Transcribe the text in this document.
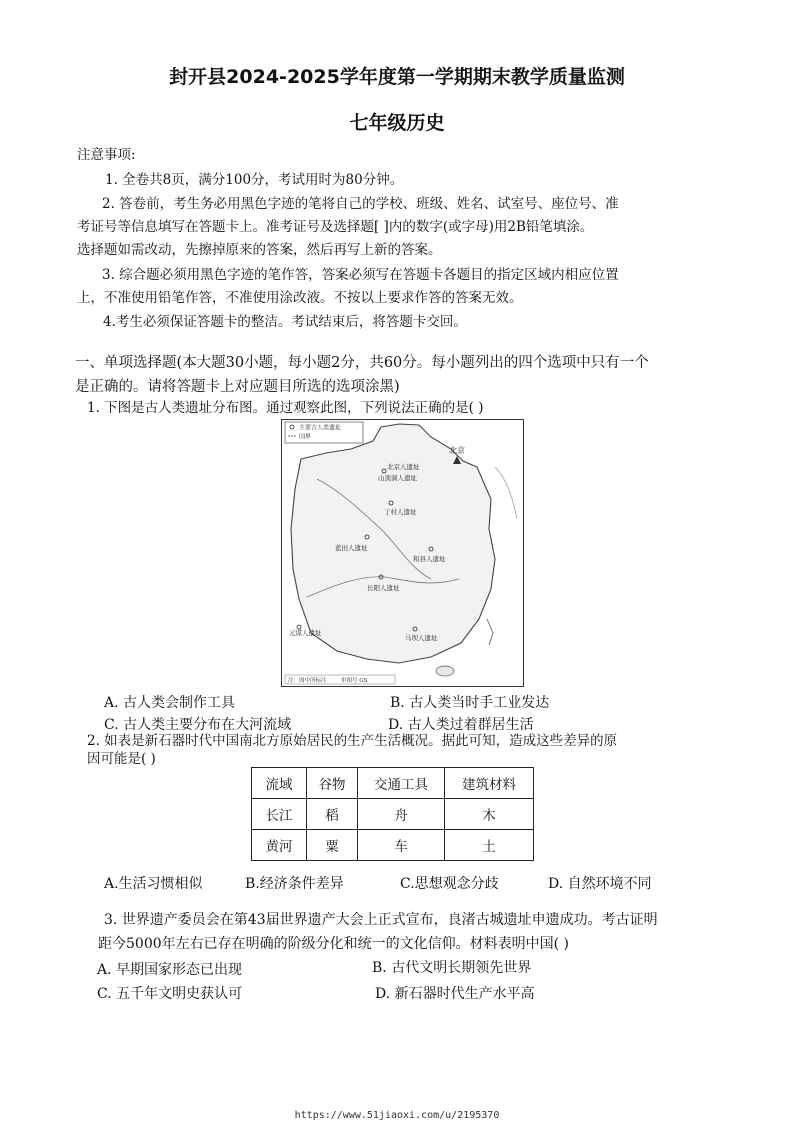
封开县2024-2025学年度第一学期期末教学质量监测
七年级历史
注意事项:
1. 全卷共8页，满分100分，考试用时为80分钟。
2. 答卷前，考生务必用黑色字迹的笔将自己的学校、班级、姓名、试室号、座位号、准
考证号等信息填写在答题卡上。准考证号及选择题[ ]内的数字(或字母)用2B铅笔填涂。
选择题如需改动，先擦掉原来的答案，然后再写上新的答案。
3. 综合题必须用黑色字迹的笔作答，答案必须写在答题卡各题目的指定区域内相应位置
上，不准使用铅笔作答，不准使用涂改液。不按以上要求作答的答案无效。
4.考生必须保证答题卡的整洁。考试结束后，将答题卡交回。
一、单项选择题(本大题30小题，每小题2分，共60分。每小题列出的四个选项中只有一个
是正确的。请将答题卡上对应题目所选的选项涂黑)
1. 下图是古人类遗址分布图。通过观察此图，下列说法正确的是( )
主要古人类遗址
国界
北京
北京人遗址
山顶洞人遗址
丁村人遗址
蓝田人遗址
和县人遗址
长阳人遗址
元谋人遗址
马坝人遗址
注：图中所标注	审图号 GS
A. 古人类会制作工具	B. 古人类当时手工业发达
C. 古人类主要分布在大河流域	D. 古人类过着群居生活
2. 如表是新石器时代中国南北方原始居民的生产生活概况。据此可知，造成这些差异的原
因可能是( )
流域	谷物	交通工具	建筑材料
长江	稻	舟	木
黄河	粟	车	土
A.生活习惯相似	B.经济条件差异	C.思想观念分歧	D. 自然环境不同
3. 世界遗产委员会在第43届世界遗产大会上正式宣布，良渚古城遗址申遗成功。考古证明
距今5000年左右已存在明确的阶级分化和统一的文化信仰。材料表明中国( )
A. 早期国家形态已出现	B. 古代文明长期领先世界
C. 五千年文明史获认可	D. 新石器时代生产水平高
https://www.51jiaoxi.com/u/2195370
